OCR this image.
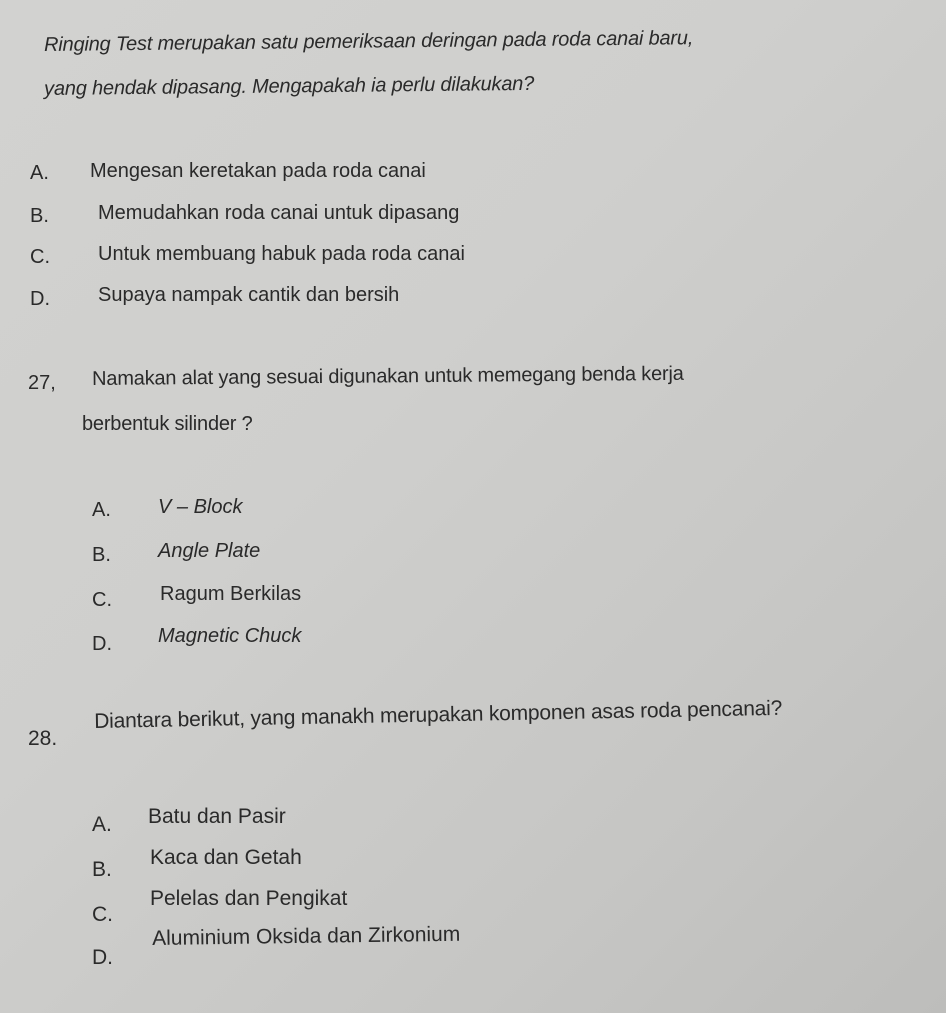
Ringing Test merupakan satu pemeriksaan deringan pada roda canai baru,
yang hendak dipasang. Mengapakah ia perlu dilakukan?
A. Mengesan keretakan pada roda canai
B. Memudahkan roda canai untuk dipasang
C. Untuk membuang habuk pada roda canai
D. Supaya nampak cantik dan bersih
27, Namakan alat yang sesuai digunakan untuk memegang benda kerja
berbentuk silinder ?
A. V – Block
B. Angle Plate
C. Ragum Berkilas
D. Magnetic Chuck
28.
Diantara berikut, yang manakh merupakan komponen asas roda pencanai?
A. Batu dan Pasir
B.
Kaca dan Getah
C.
Pelelas dan Pengikat
D.
Aluminium Oksida dan Zirkonium
